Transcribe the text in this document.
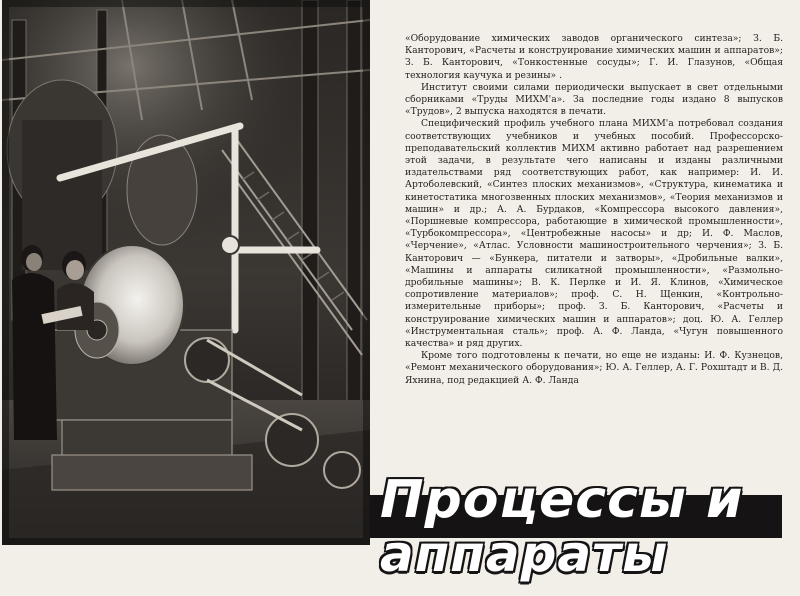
«Оборудование химических заводов органического синтеза»; З. Б. Канторович, «Расчеты и конструирование химических машин и аппаратов»; З. Б. Канторович, «Тонкостенные сосуды»; Г. И. Глазунов, «Общая технология каучука и резины» .

Институт своими силами периодически выпускает в свет отдельными сборниками «Труды МИХМ'а». За последние годы издано 8 выпусков «Трудов», 2 выпуска находятся в печати.

Специфический профиль учебного плана МИХМ'а потребовал создания соответствующих учебников и учебных пособий. Профессорско-преподавательский коллектив МИХМ активно работает над разрешением этой задачи, в результате чего написаны и изданы различными издательствами ряд соответствующих работ, как например: И. И. Артоболевский, «Синтез плоских механизмов», «Структура, кинематика и кинетостатика многозвенных плоских механизмов», «Теория механизмов и машин» и др.; А. А. Бурдаков, «Компрессора высокого давления», «Поршневые компрессора, работающие в химической промышленности», «Турбокомпрессора», «Центробежные насосы» и др; И. Ф. Маслов, «Черчение», «Атлас. Условности машиностроительного черчения»; З. Б. Канторович — «Бункера, питатели и затворы», «Дробильные валки», «Машины и аппараты силикатной промышленности», «Размольно-дробильные машины»; В. К. Перлке и И. Я. Клинов, «Химическое сопротивление материалов»; проф. С. Н. Щенкин, «Контрольно-измерительные приборы»; проф. З. Б. Канторович, «Расчеты и конструирование химических машин и аппаратов»; доц. Ю. А. Геллер «Инструментальная сталь»; проф. А. Ф. Ланда, «Чугун повышенного качества» и ряд других.

Кроме того подготовлены к печати, но еще не изданы: И. Ф. Кузнецов, «Ремонт механического оборудования»; Ю. А. Геллер, А. Г. Рохштадт и В. Д. Яхнина, под редакцией А. Ф. Ланда

Процессы и
аппараты
